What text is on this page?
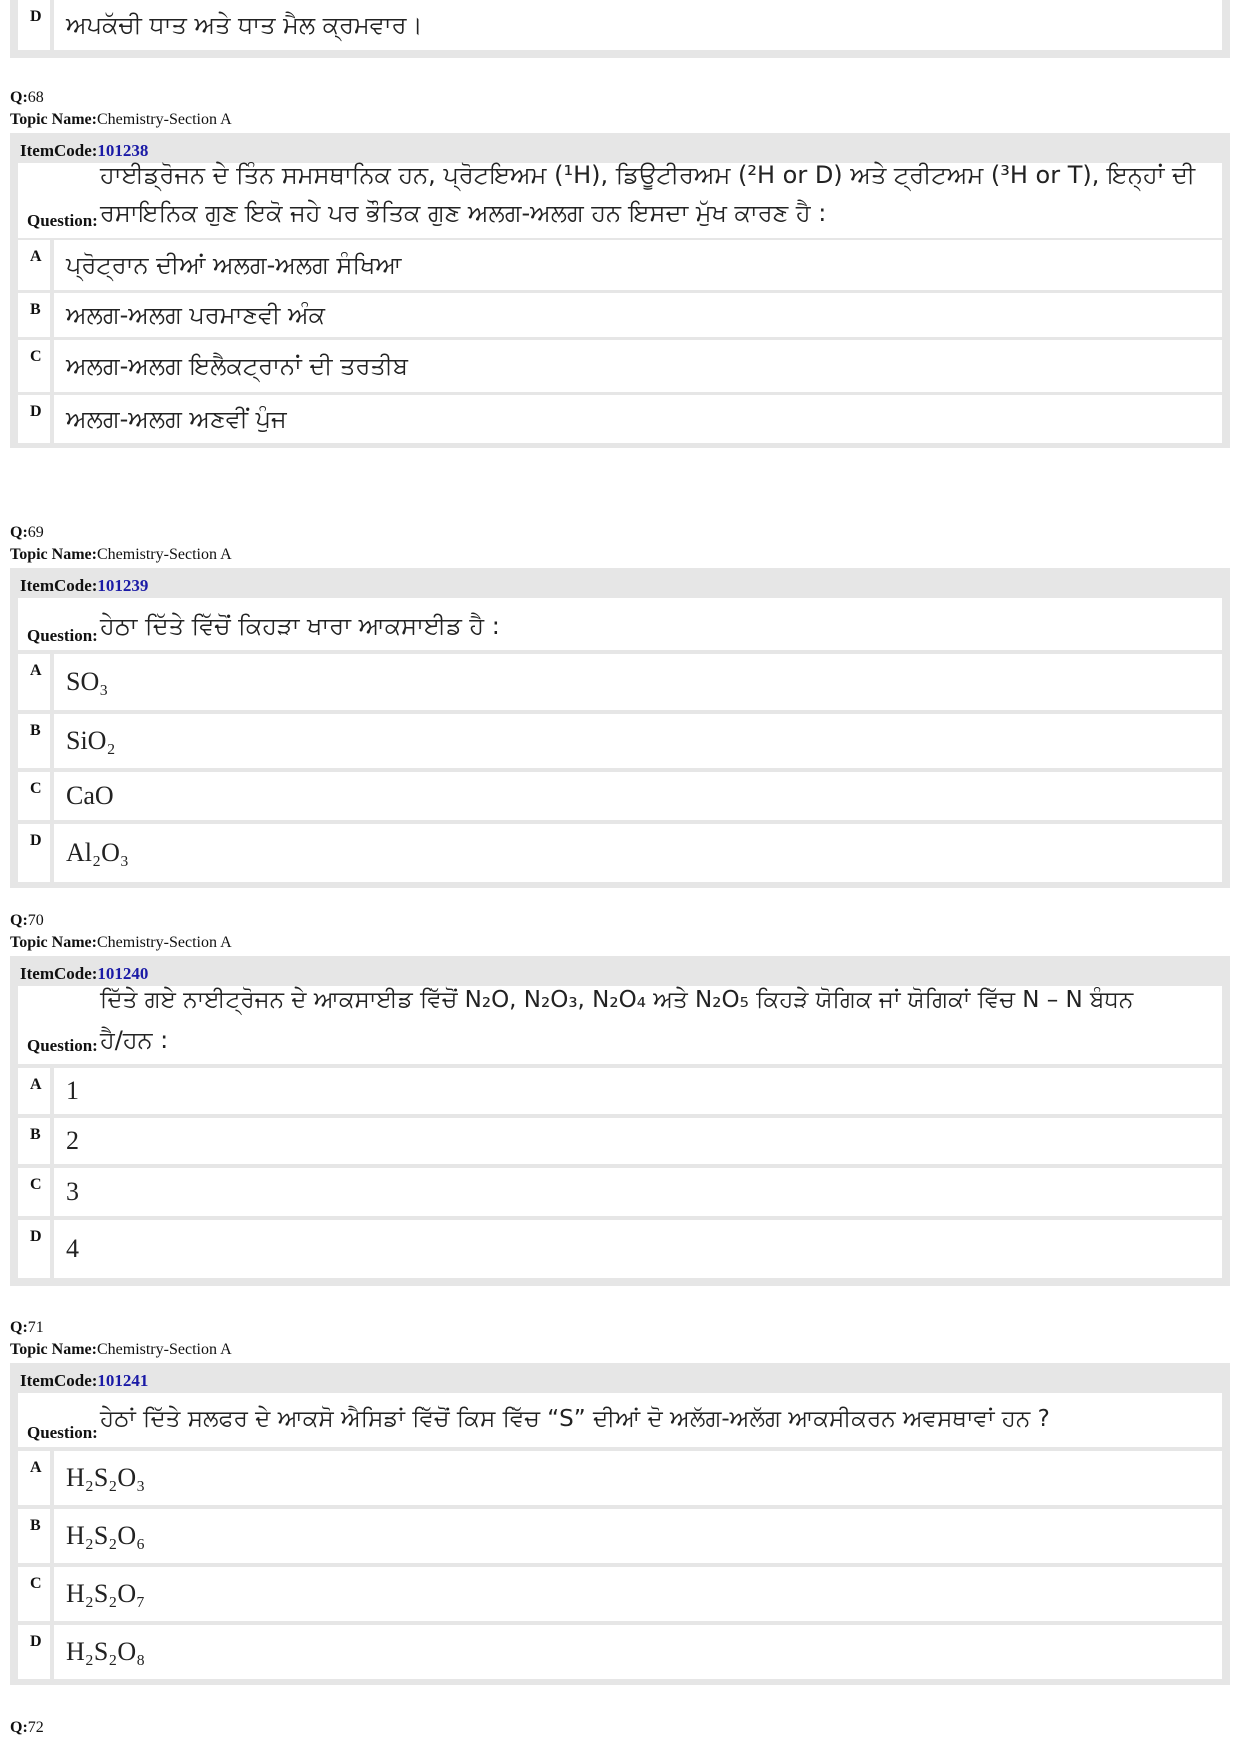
D ਅਪਕੱਚੀ ਧਾਤ ਅਤੇ ਧਾਤ ਮੈਲ ਕ੍ਰਮਵਾਰ।
Q:68
Topic Name:Chemistry-Section A
ItemCode:101238
Question:
ਹਾਈਡ੍ਰੋਜਨ ਦੇ ਤਿੰਨ ਸਮਸਥਾਨਿਕ ਹਨ, ਪ੍ਰੋਟਇਅਮ (¹H), ਡਿਊਟੀਰਅਮ (²H or D) ਅਤੇ ਟ੍ਰੀਟਅਮ (³H or T), ਇਨ੍ਹਾਂ ਦੀ
ਰਸਾਇਨਿਕ ਗੁਣ ਇਕੋ ਜਹੇ ਪਰ ਭੌਤਿਕ ਗੁਣ ਅਲਗ-ਅਲਗ ਹਨ ਇਸਦਾ ਮੁੱਖ ਕਾਰਣ ਹੈ :
A ਪ੍ਰੋਟ੍ਰਾਨ ਦੀਆਂ ਅਲਗ-ਅਲਗ ਸੰਖਿਆ
B ਅਲਗ-ਅਲਗ ਪਰਮਾਣਵੀ ਅੰਕ
C ਅਲਗ-ਅਲਗ ਇਲੈਕਟ੍ਰਾਨਾਂ ਦੀ ਤਰਤੀਬ
D ਅਲਗ-ਅਲਗ ਅਣਵੀਂ ਪੁੰਜ
Q:69
Topic Name:Chemistry-Section A
ItemCode:101239
Question: ਹੇਠਾ ਦਿੱਤੇ ਵਿੱਚੋਂ ਕਿਹੜਾ ਖਾਰਾ ਆਕਸਾਈਡ ਹੈ :
A SO₃
B SiO₂
C CaO
D Al₂O₃
Q:70
Topic Name:Chemistry-Section A
ItemCode:101240
Question:
ਦਿੱਤੇ ਗਏ ਨਾਈਟ੍ਰੋਜਨ ਦੇ ਆਕਸਾਈਡ ਵਿੱਚੋਂ N₂O, N₂O₃, N₂O₄ ਅਤੇ N₂O₅ ਕਿਹੜੇ ਯੋਗਿਕ ਜਾਂ ਯੋਗਿਕਾਂ ਵਿੱਚ N – N ਬੰਧਨ
ਹੈ/ਹਨ :
A 1
B 2
C 3
D 4
Q:71
Topic Name:Chemistry-Section A
ItemCode:101241
Question:
ਹੇਠਾਂ ਦਿੱਤੇ ਸਲਫਰ ਦੇ ਆਕਸੋ ਐਸਿਡਾਂ ਵਿੱਚੋਂ ਕਿਸ ਵਿੱਚ “S” ਦੀਆਂ ਦੋ ਅਲੱਗ-ਅਲੱਗ ਆਕਸੀਕਰਨ ਅਵਸਥਾਵਾਂ ਹਨ ?
A H₂S₂O₃
B H₂S₂O₆
C H₂S₂O₇
D H₂S₂O₈
Q:72
